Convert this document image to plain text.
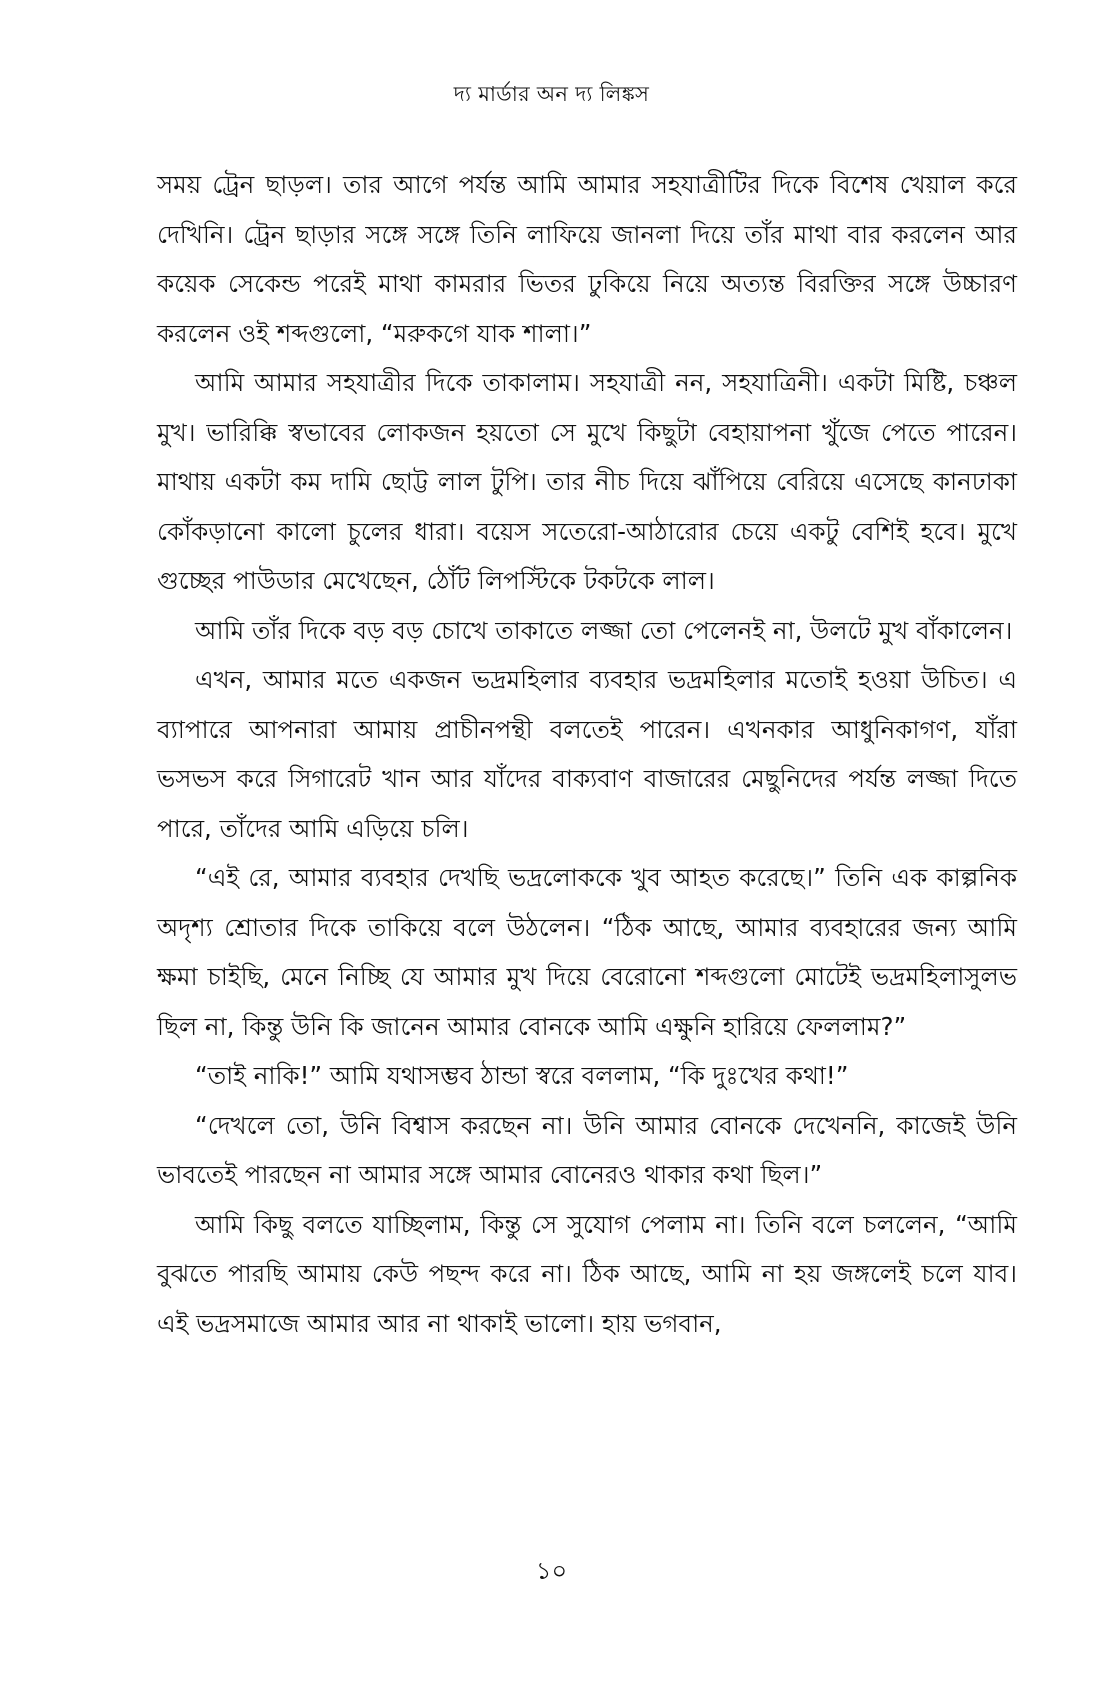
দ্য মার্ডার অন দ্য লিঙ্কস

সময় ট্রেন ছাড়ল। তার আগে পর্যন্ত আমি আমার সহযাত্রীটির দিকে বিশেষ খেয়াল করে দেখিনি। ট্রেন ছাড়ার সঙ্গে সঙ্গে তিনি লাফিয়ে জানলা দিয়ে তাঁর মাথা বার করলেন আর কয়েক সেকেন্ড পরেই মাথা কামরার ভিতর ঢুকিয়ে নিয়ে অত্যন্ত বিরক্তির সঙ্গে উচ্চারণ করলেন ওই শব্দগুলো, “মরুকগে যাক শালা।”

আমি আমার সহযাত্রীর দিকে তাকালাম। সহযাত্রী নন, সহযাত্রিনী। একটা মিষ্টি, চঞ্চল মুখ। ভারিক্কি স্বভাবের লোকজন হয়তো সে মুখে কিছুটা বেহায়াপনা খুঁজে পেতে পারেন। মাথায় একটা কম দামি ছোট্ট লাল টুপি। তার নীচ দিয়ে ঝাঁপিয়ে বেরিয়ে এসেছে কানঢাকা কোঁকড়ানো কালো চুলের ধারা। বয়েস সতেরো-আঠারোর চেয়ে একটু বেশিই হবে। মুখে গুচ্ছের পাউডার মেখেছেন, ঠোঁট লিপস্টিকে টকটকে লাল।

আমি তাঁর দিকে বড় বড় চোখে তাকাতে লজ্জা তো পেলেনই না, উলটে মুখ বাঁকালেন।

এখন, আমার মতে একজন ভদ্রমহিলার ব্যবহার ভদ্রমহিলার মতোই হওয়া উচিত। এ ব্যাপারে আপনারা আমায় প্রাচীনপন্থী বলতেই পারেন। এখনকার আধুনিকাগণ, যাঁরা ভসভস করে সিগারেট খান আর যাঁদের বাক্যবাণ বাজারের মেছুনিদের পর্যন্ত লজ্জা দিতে পারে, তাঁদের আমি এড়িয়ে চলি।

“এই রে, আমার ব্যবহার দেখছি ভদ্রলোককে খুব আহত করেছে।” তিনি এক কাল্পনিক অদৃশ্য শ্রোতার দিকে তাকিয়ে বলে উঠলেন। “ঠিক আছে, আমার ব্যবহারের জন্য আমি ক্ষমা চাইছি, মেনে নিচ্ছি যে আমার মুখ দিয়ে বেরোনো শব্দগুলো মোটেই ভদ্রমহিলাসুলভ ছিল না, কিন্তু উনি কি জানেন আমার বোনকে আমি এক্ষুনি হারিয়ে ফেললাম?”

“তাই নাকি!” আমি যথাসম্ভব ঠান্ডা স্বরে বললাম, “কি দুঃখের কথা!”

“দেখলে তো, উনি বিশ্বাস করছেন না। উনি আমার বোনকে দেখেননি, কাজেই উনি ভাবতেই পারছেন না আমার সঙ্গে আমার বোনেরও থাকার কথা ছিল।”

আমি কিছু বলতে যাচ্ছিলাম, কিন্তু সে সুযোগ পেলাম না। তিনি বলে চললেন, “আমি বুঝতে পারছি আমায় কেউ পছন্দ করে না। ঠিক আছে, আমি না হয় জঙ্গলেই চলে যাব। এই ভদ্রসমাজে আমার আর না থাকাই ভালো। হায় ভগবান,

১০
